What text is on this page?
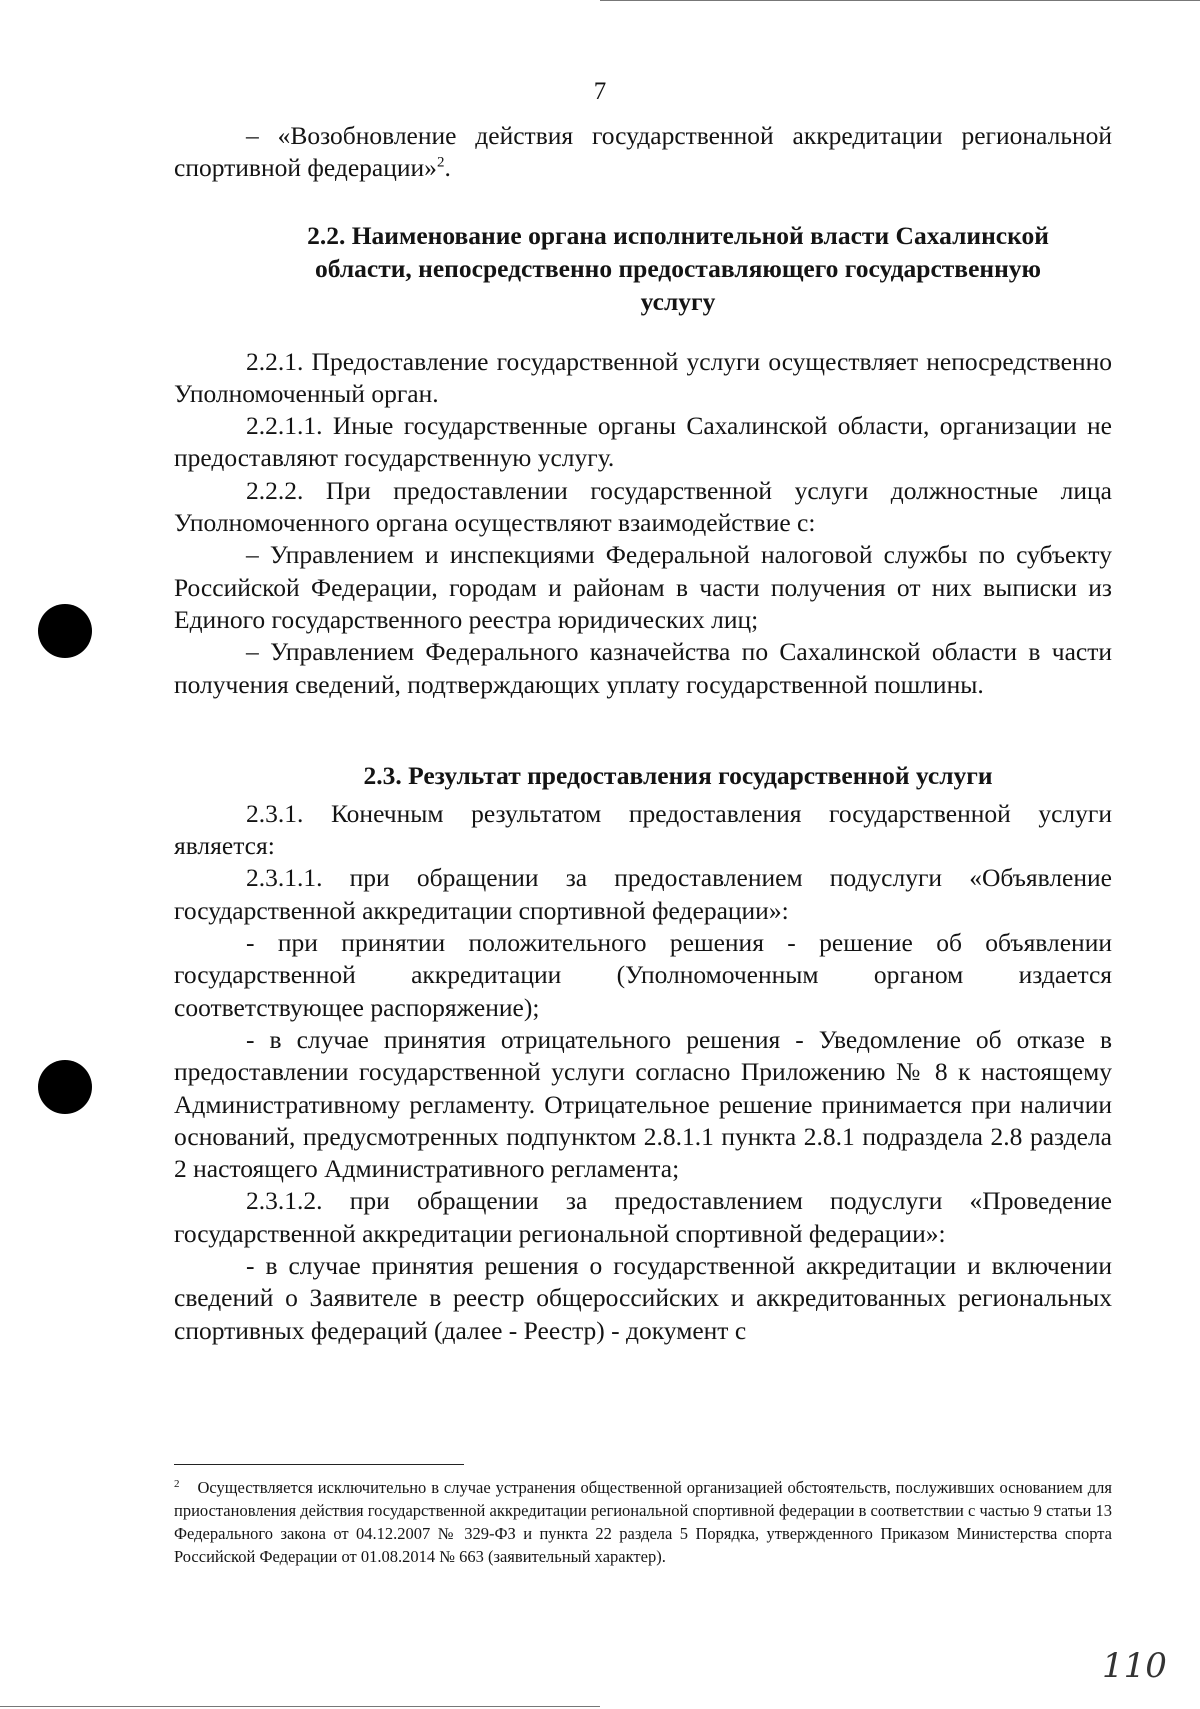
7

– «Возобновление действия государственной аккредитации региональной спортивной федерации»$^2$.

2.2. Наименование органа исполнительной власти Сахалинской области, непосредственно предоставляющего государственную услугу

2.2.1. Предоставление государственной услуги осуществляет непосредственно Уполномоченный орган.

2.2.1.1. Иные государственные органы Сахалинской области, организации не предоставляют государственную услугу.

2.2.2. При предоставлении государственной услуги должностные лица Уполномоченного органа осуществляют взаимодействие с:

– Управлением и инспекциями Федеральной налоговой службы по субъекту Российской Федерации, городам и районам в части получения от них выписки из Единого государственного реестра юридических лиц;

– Управлением Федерального казначейства по Сахалинской области в части получения сведений, подтверждающих уплату государственной пошлины.

2.3. Результат предоставления государственной услуги

2.3.1. Конечным результатом предоставления государственной услуги является:

2.3.1.1. при обращении за предоставлением подуслуги «Объявление государственной аккредитации спортивной федерации»:

- при принятии положительного решения - решение об объявлении государственной аккредитации (Уполномоченным органом издается соответствующее распоряжение);

- в случае принятия отрицательного решения - Уведомление об отказе в предоставлении государственной услуги согласно Приложению № 8 к настоящему Административному регламенту. Отрицательное решение принимается при наличии оснований, предусмотренных подпунктом 2.8.1.1 пункта 2.8.1 подраздела 2.8 раздела 2 настоящего Административного регламента;

2.3.1.2. при обращении за предоставлением подуслуги «Проведение государственной аккредитации региональной спортивной федерации»:

- в случае принятия решения о государственной аккредитации и включении сведений о Заявителе в реестр общероссийских и аккредитованных региональных спортивных федераций (далее - Реестр) - документ с

$^2$ Осуществляется исключительно в случае устранения общественной организацией обстоятельств, послуживших основанием для приостановления действия государственной аккредитации региональной спортивной федерации в соответствии с частью 9 статьи 13 Федерального закона от 04.12.2007 № 329-ФЗ и пункта 22 раздела 5 Порядка, утвержденного Приказом Министерства спорта Российской Федерации от 01.08.2014 № 663 (заявительный характер).
110
